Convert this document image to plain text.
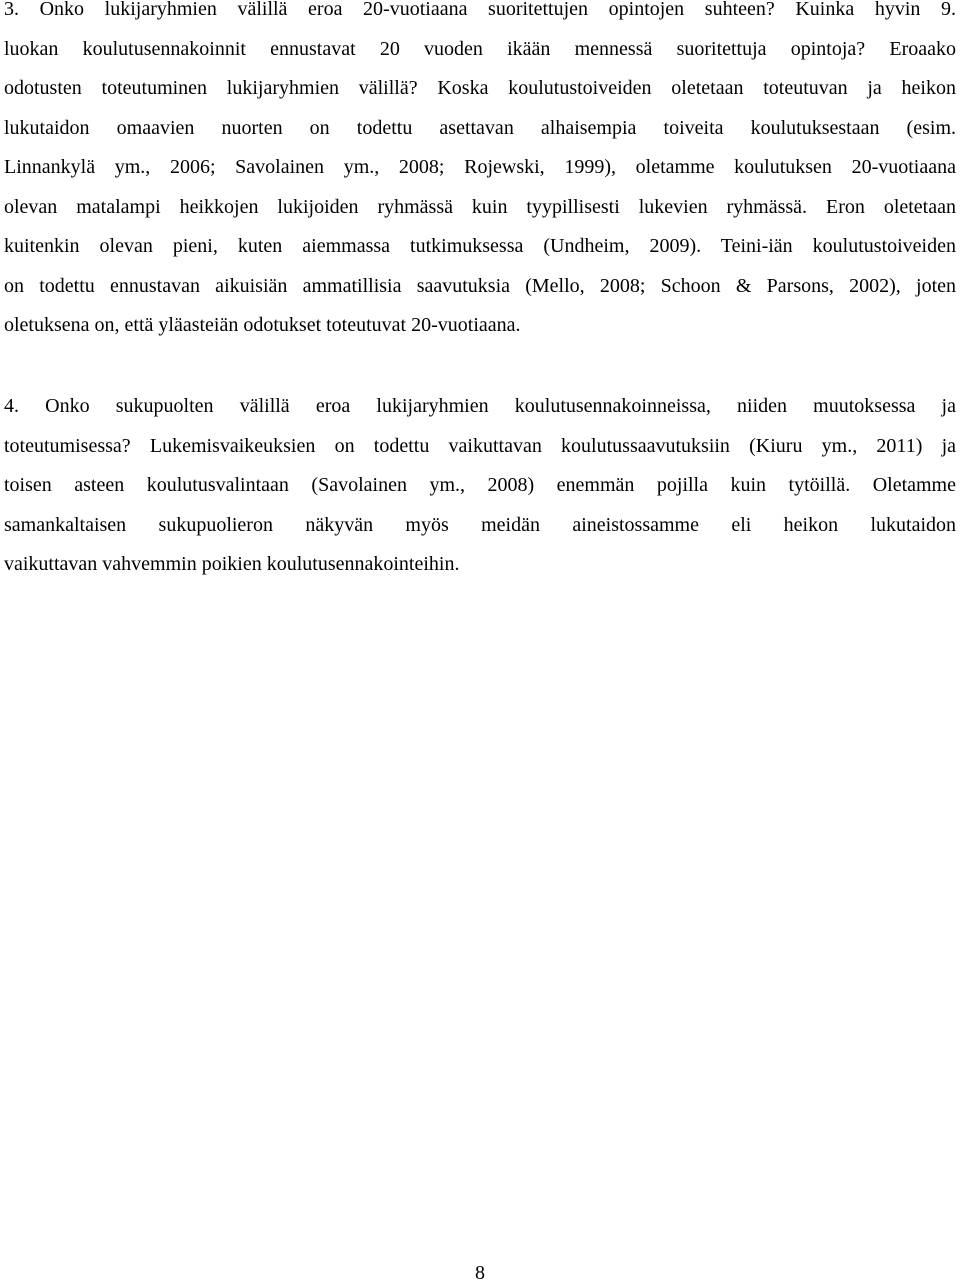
3. Onko lukijaryhmien välillä eroa 20-vuotiaana suoritettujen opintojen suhteen? Kuinka hyvin 9.
luokan koulutusennakoinnit ennustavat 20 vuoden ikään mennessä suoritettuja opintoja? Eroaako
odotusten toteutuminen lukijaryhmien välillä? Koska koulutustoiveiden oletetaan toteutuvan ja heikon
lukutaidon omaavien nuorten on todettu asettavan alhaisempia toiveita koulutuksestaan (esim.
Linnankylä ym., 2006; Savolainen ym., 2008; Rojewski, 1999), oletamme koulutuksen 20-vuotiaana
olevan matalampi heikkojen lukijoiden ryhmässä kuin tyypillisesti lukevien ryhmässä. Eron oletetaan
kuitenkin olevan pieni, kuten aiemmassa tutkimuksessa (Undheim, 2009). Teini-iän koulutustoiveiden
on todettu ennustavan aikuisiän ammatillisia saavutuksia (Mello, 2008; Schoon & Parsons, 2002), joten
oletuksena on, että yläasteiän odotukset toteutuvat 20-vuotiaana.
4. Onko sukupuolten välillä eroa lukijaryhmien koulutusennakoinneissa, niiden muutoksessa ja
toteutumisessa? Lukemisvaikeuksien on todettu vaikuttavan koulutussaavutuksiin (Kiuru ym., 2011) ja
toisen asteen koulutusvalintaan (Savolainen ym., 2008) enemmän pojilla kuin tytöillä. Oletamme
samankaltaisen sukupuolieron näkyvän myös meidän aineistossamme eli heikon lukutaidon
vaikuttavan vahvemmin poikien koulutusennakointeihin.
8
